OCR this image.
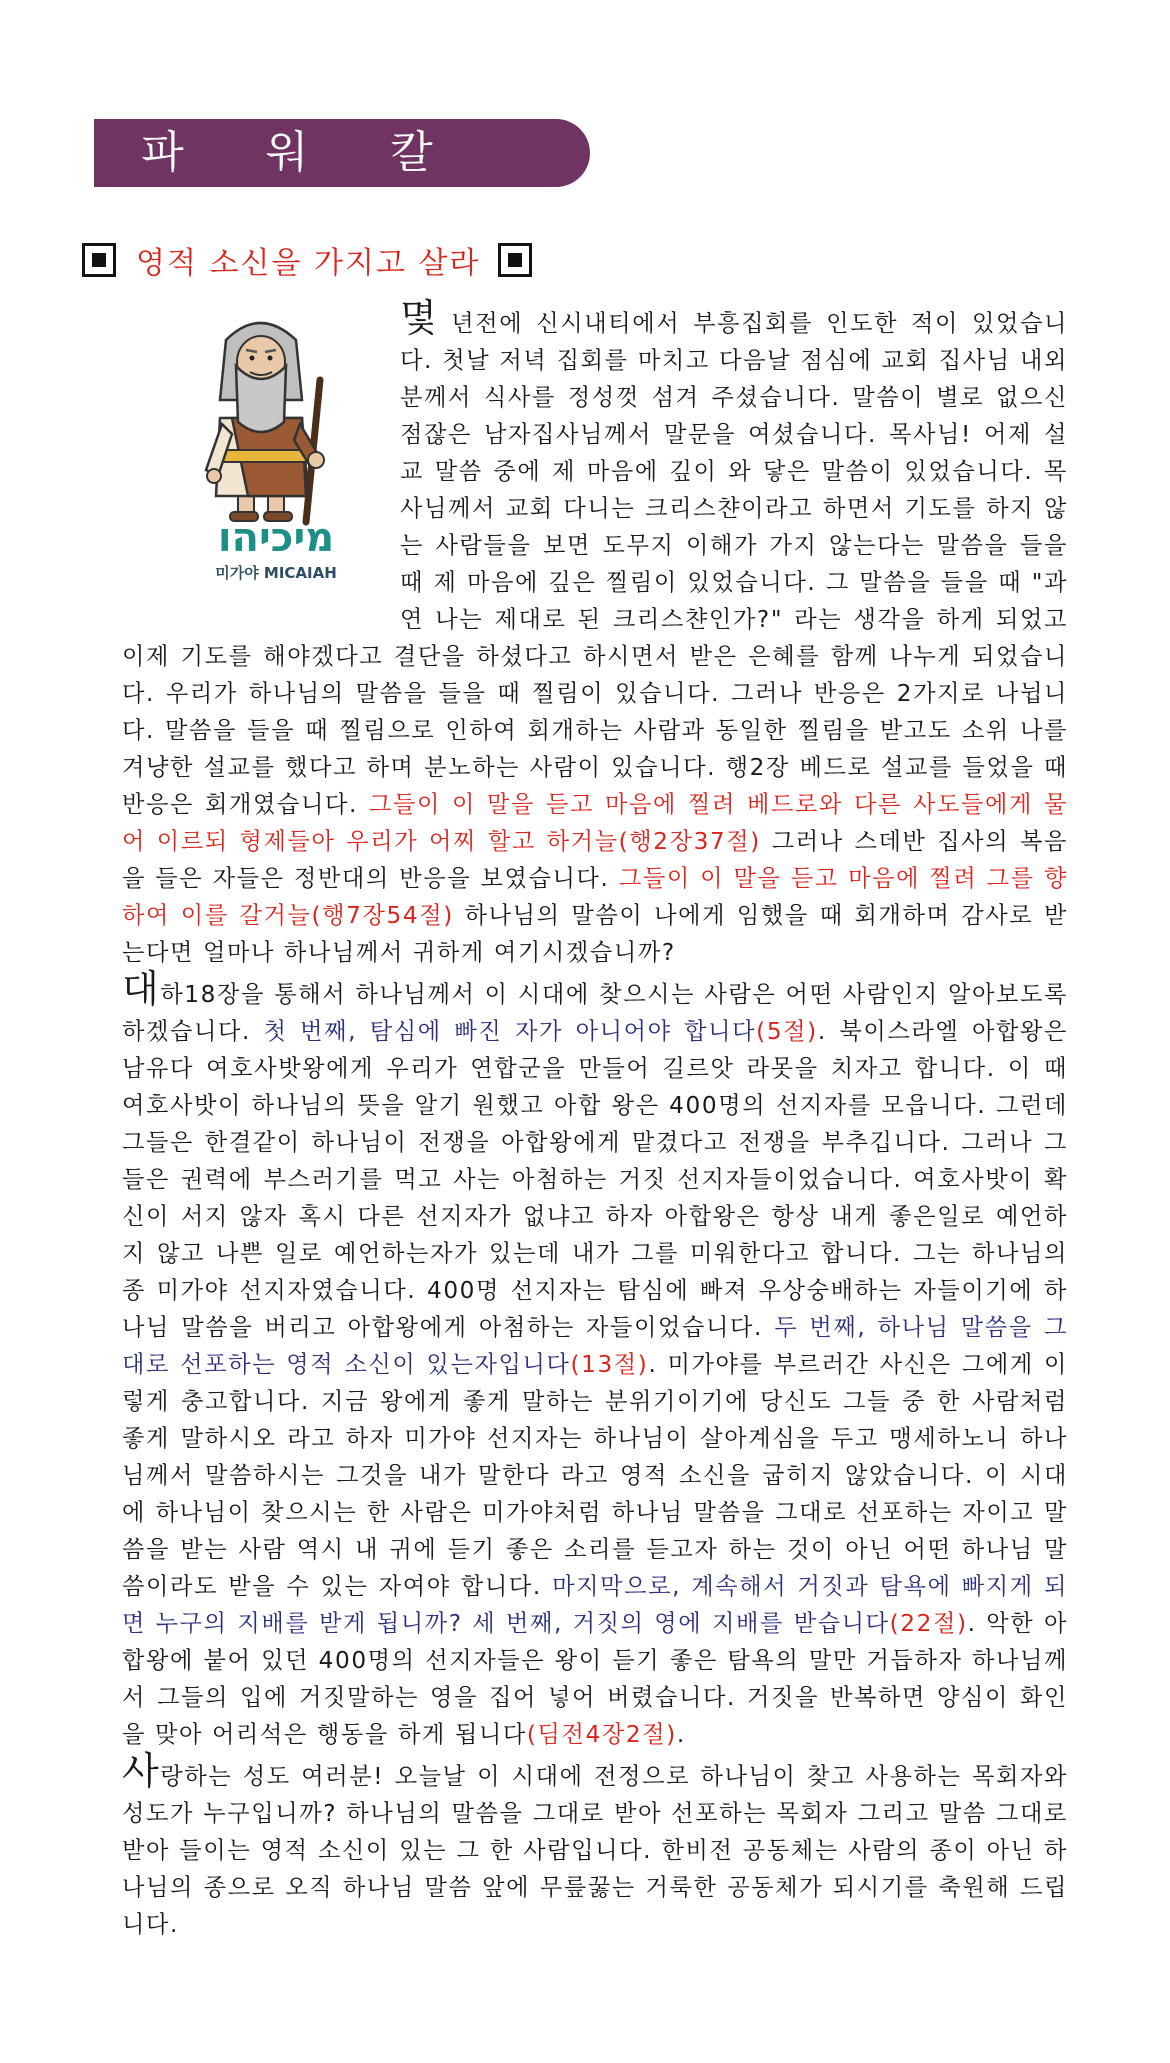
파 워 칼 럼
영적 소신을 가지고 살라
מיכיהו
미가야 MICAIAH

몇 년전에 신시내티에서 부흥집회를 인도한 적이 있었습니다. 첫날 저녁 집회를 마치고 다음날 점심에 교회 집사님 내외분께서 식사를 정성껏 섬겨 주셨습니다. 말씀이 별로 없으신 점잖은 남자집사님께서 말문을 여셨습니다. 목사님! 어제 설교 말씀 중에 제 마음에 깊이 와 닿은 말씀이 있었습니다. 목사님께서 교회 다니는 크리스챤이라고 하면서 기도를 하지 않는 사람들을 보면 도무지 이해가 가지 않는다는 말씀을 들을 때 제 마음에 깊은 찔림이 있었습니다. 그 말씀을 들을 때 "과연 나는 제대로 된 크리스챤인가?" 라는 생각을 하게 되었고 이제 기도를 해야겠다고 결단을 하셨다고 하시면서 받은 은혜를 함께 나누게 되었습니다. 우리가 하나님의 말씀을 들을 때 찔림이 있습니다. 그러나 반응은 2가지로 나뉩니다. 말씀을 들을 때 찔림으로 인하여 회개하는 사람과 동일한 찔림을 받고도 소위 나를 겨냥한 설교를 했다고 하며 분노하는 사람이 있습니다. 행2장 베드로 설교를 들었을 때 반응은 회개였습니다. 그들이 이 말을 듣고 마음에 찔려 베드로와 다른 사도들에게 물어 이르되 형제들아 우리가 어찌 할고 하거늘(행2장37절) 그러나 스데반 집사의 복음을 들은 자들은 정반대의 반응을 보였습니다. 그들이 이 말을 듣고 마음에 찔려 그를 향하여 이를 갈거늘(행7장54절) 하나님의 말씀이 나에게 임했을 때 회개하며 감사로 받는다면 얼마나 하나님께서 귀하게 여기시겠습니까?

대하18장을 통해서 하나님께서 이 시대에 찾으시는 사람은 어떤 사람인지 알아보도록 하겠습니다. 첫 번째, 탐심에 빠진 자가 아니어야 합니다(5절). 북이스라엘 아합왕은 남유다 여호사밧왕에게 우리가 연합군을 만들어 길르앗 라못을 치자고 합니다. 이 때 여호사밧이 하나님의 뜻을 알기 원했고 아합 왕은 400명의 선지자를 모읍니다. 그런데 그들은 한결같이 하나님이 전쟁을 아합왕에게 맡겼다고 전쟁을 부추깁니다. 그러나 그들은 권력에 부스러기를 먹고 사는 아첨하는 거짓 선지자들이었습니다. 여호사밧이 확신이 서지 않자 혹시 다른 선지자가 없냐고 하자 아합왕은 항상 내게 좋은일로 예언하지 않고 나쁜 일로 예언하는자가 있는데 내가 그를 미워한다고 합니다. 그는 하나님의 종 미가야 선지자였습니다. 400명 선지자는 탐심에 빠져 우상숭배하는 자들이기에 하나님 말씀을 버리고 아합왕에게 아첨하는 자들이었습니다. 두 번째, 하나님 말씀을 그대로 선포하는 영적 소신이 있는자입니다(13절). 미가야를 부르러간 사신은 그에게 이렇게 충고합니다. 지금 왕에게 좋게 말하는 분위기이기에 당신도 그들 중 한 사람처럼 좋게 말하시오 라고 하자 미가야 선지자는 하나님이 살아계심을 두고 맹세하노니 하나님께서 말씀하시는 그것을 내가 말한다 라고 영적 소신을 굽히지 않았습니다. 이 시대에 하나님이 찾으시는 한 사람은 미가야처럼 하나님 말씀을 그대로 선포하는 자이고 말씀을 받는 사람 역시 내 귀에 듣기 좋은 소리를 듣고자 하는 것이 아닌 어떤 하나님 말씀이라도 받을 수 있는 자여야 합니다. 마지막으로, 계속해서 거짓과 탐욕에 빠지게 되면 누구의 지배를 받게 됩니까? 세 번째, 거짓의 영에 지배를 받습니다(22절). 악한 아합왕에 붙어 있던 400명의 선지자들은 왕이 듣기 좋은 탐욕의 말만 거듭하자 하나님께서 그들의 입에 거짓말하는 영을 집어 넣어 버렸습니다. 거짓을 반복하면 양심이 화인을 맞아 어리석은 행동을 하게 됩니다(딤전4장2절).

사랑하는 성도 여러분! 오늘날 이 시대에 전정으로 하나님이 찾고 사용하는 목회자와 성도가 누구입니까? 하나님의 말씀을 그대로 받아 선포하는 목회자 그리고 말씀 그대로 받아 들이는 영적 소신이 있는 그 한 사람입니다. 한비전 공동체는 사람의 종이 아닌 하나님의 종으로 오직 하나님 말씀 앞에 무릎꿇는 거룩한 공동체가 되시기를 축원해 드립니다.
